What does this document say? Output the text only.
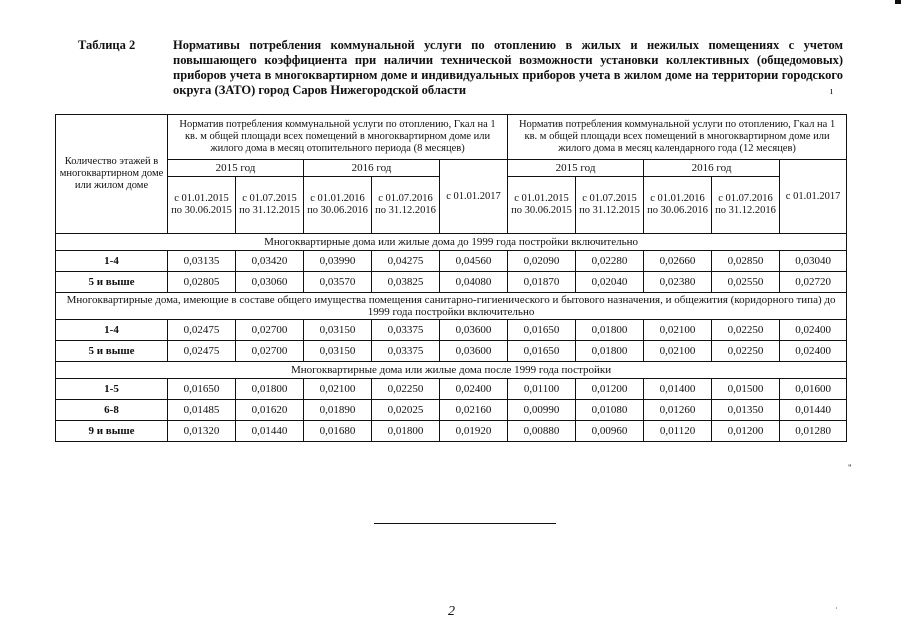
Таблица 2	Нормативы потребления коммунальной услуги по отоплению в жилых и нежилых помещениях с учетом повышающего коэффициента при наличии технической возможности установки коллективных (общедомовых) приборов учета в многоквартирном доме и индивидуальных приборов учета в жилом доме на территории городского округа (ЗАТО) город Саров Нижегородской области	ı
Количество этажей в многоквартирном доме или жилом доме	Норматив потребления коммунальной услуги по отоплению, Гкал на 1 кв. м общей площади всех помещений в многоквартирном доме или жилого дома в месяц отопительного периода (8 месяцев)					Норматив потребления коммунальной услуги по отоплению, Гкал на 1 кв. м общей площади всех помещений в многоквартирном доме или жилого дома в месяц календарного года (12 месяцев)				
	2015 год		2016 год		с 01.01.2017	2015 год		2016 год		с 01.01.2017
	с 01.01.2015 по 30.06.2015	с 01.07.2015 по 31.12.2015	с 01.01.2016 по 30.06.2016	с 01.07.2016 по 31.12.2016		с 01.01.2015 по 30.06.2015	с 01.07.2015 по 31.12.2015	с 01.01.2016 по 30.06.2016	с 01.07.2016 по 31.12.2016	
Многоквартирные дома или жилые дома до 1999 года постройки включительно										
1-4	0,03135	0,03420	0,03990	0,04275	0,04560	0,02090	0,02280	0,02660	0,02850	0,03040
5 и выше	0,02805	0,03060	0,03570	0,03825	0,04080	0,01870	0,02040	0,02380	0,02550	0,02720
Многоквартирные дома, имеющие в составе общего имущества помещения санитарно-гигиенического и бытового назначения, и общежития (коридорного типа) до 1999 года постройки включительно										
1-4	0,02475	0,02700	0,03150	0,03375	0,03600	0,01650	0,01800	0,02100	0,02250	0,02400
5 и выше	0,02475	0,02700	0,03150	0,03375	0,03600	0,01650	0,01800	0,02100	0,02250	0,02400
Многоквартирные дома или жилые дома после 1999 года постройки										
1-5	0,01650	0,01800	0,02100	0,02250	0,02400	0,01100	0,01200	0,01400	0,01500	0,01600
6-8	0,01485	0,01620	0,01890	0,02025	0,02160	0,00990	0,01080	0,01260	0,01350	0,01440
9 и выше	0,01320	0,01440	0,01680	0,01800	0,01920	0,00880	0,00960	0,01120	0,01200	0,01280
"
2	·
